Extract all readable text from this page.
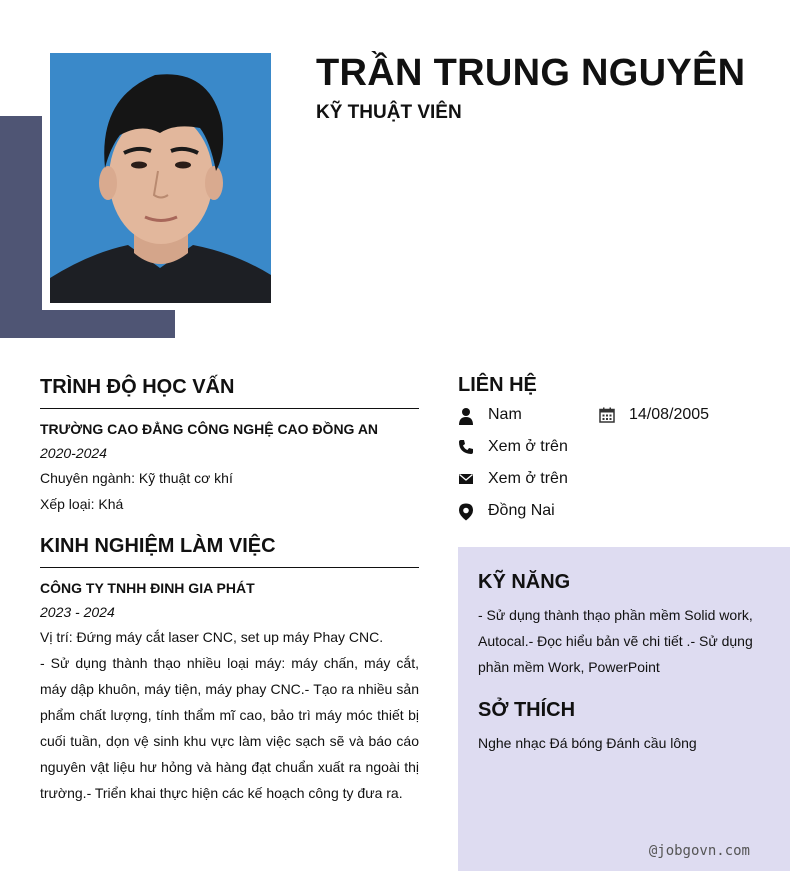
TRẦN TRUNG NGUYÊN
KỸ THUẬT VIÊN
TRÌNH ĐỘ HỌC VẤN
TRƯỜNG CAO ĐẲNG CÔNG NGHỆ CAO ĐỒNG AN
2020-2024
Chuyên ngành: Kỹ thuật cơ khí
Xếp loại: Khá
KINH NGHIỆM LÀM VIỆC
CÔNG TY TNHH ĐINH GIA PHÁT
2023 - 2024
Vị trí: Đứng máy cắt laser CNC, set up máy Phay CNC.
- Sử dụng thành thạo nhiều loại máy: máy chấn, máy cắt, máy dập khuôn, máy tiện, máy phay CNC.- Tạo ra nhiều sản phẩm chất lượng, tính thẩm mĩ cao, bảo trì máy móc thiết bị cuối tuần, dọn vệ sinh khu vực làm việc sạch sẽ và báo cáo nguyên vật liệu hư hỏng và hàng đạt chuẩn xuất ra ngoài thị trường.- Triển khai thực hiện các kế hoạch công ty đưa ra.
LIÊN HỆ
Nam	14/08/2005
Xem ở trên
Xem ở trên
Đồng Nai
KỸ NĂNG
- Sử dụng thành thạo phần mềm Solid work, Autocal.- Đọc hiểu bản vẽ chi tiết .- Sử dụng phần mềm Work, PowerPoint
SỞ THÍCH
Nghe nhạc Đá bóng Đánh cầu lông
@jobgovn.com
